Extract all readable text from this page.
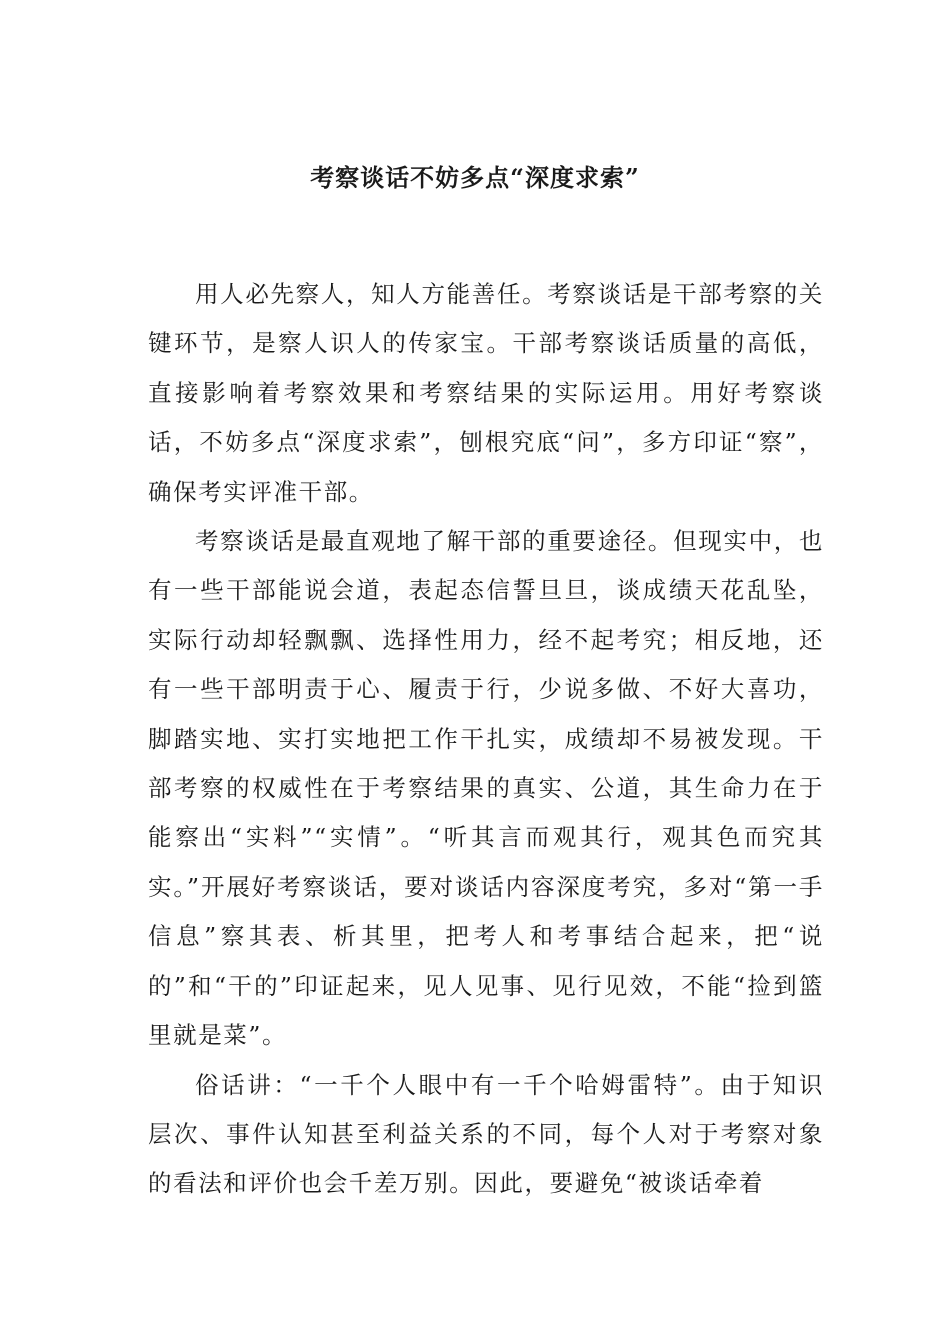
考察谈话不妨多点“深度求索”

用人必先察人，知人方能善任。考察谈话是干部考察的关键环节，是察人识人的传家宝。干部考察谈话质量的高低，直接影响着考察效果和考察结果的实际运用。用好考察谈话，不妨多点“深度求索”，刨根究底“问”，多方印证“察”，确保考实评准干部。

考察谈话是最直观地了解干部的重要途径。但现实中，也有一些干部能说会道，表起态信誓旦旦，谈成绩天花乱坠，实际行动却轻飘飘、选择性用力，经不起考究；相反地，还有一些干部明责于心、履责于行，少说多做、不好大喜功，脚踏实地、实打实地把工作干扎实，成绩却不易被发现。干部考察的权威性在于考察结果的真实、公道，其生命力在于能察出“实料”“实情”。“听其言而观其行，观其色而究其实。”开展好考察谈话，要对谈话内容深度考究，多对“第一手信息”察其表、析其里，把考人和考事结合起来，把“说的”和“干的”印证起来，见人见事、见行见效，不能“捡到篮里就是菜”。

俗话讲：“一千个人眼中有一千个哈姆雷特”。由于知识层次、事件认知甚至利益关系的不同，每个人对于考察对象的看法和评价也会千差万别。因此，要避免“被谈话牵着
